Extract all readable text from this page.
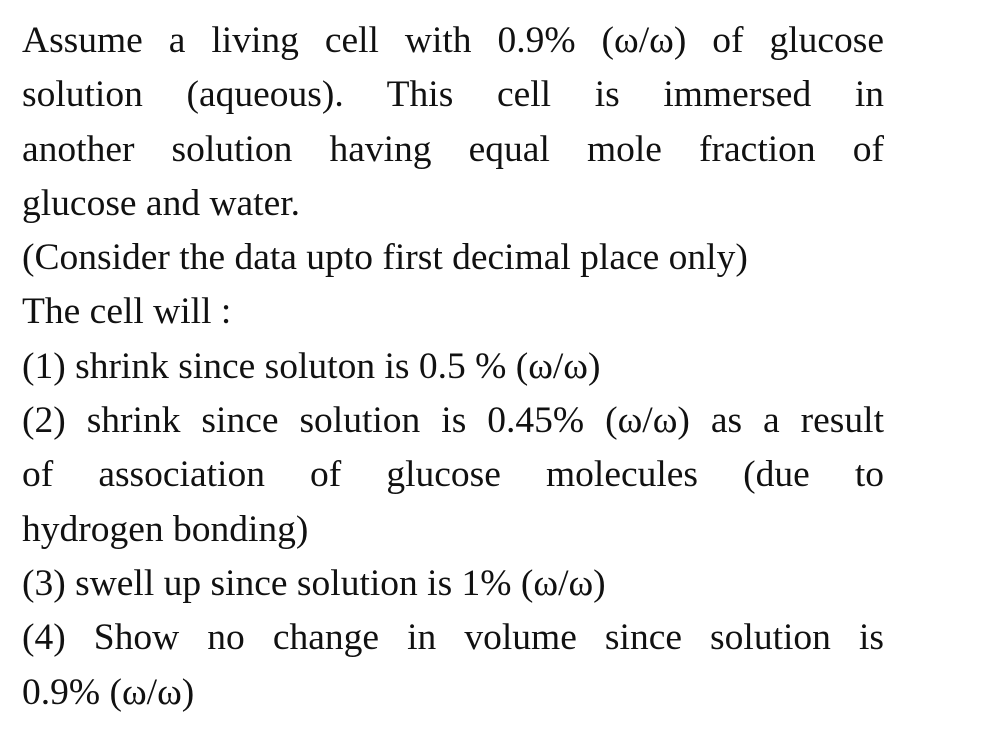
Assume a living cell with 0.9% (ω/ω) of glucose
solution (aqueous). This cell is immersed in
another solution having equal mole fraction of
glucose and water.
(Consider the data upto first decimal place only)
The cell will :
(1) shrink since soluton is 0.5 % (ω/ω)
(2) shrink since solution is 0.45% (ω/ω) as a result
of association of glucose molecules (due to
hydrogen bonding)
(3) swell up since solution is 1% (ω/ω)
(4) Show no change in volume since solution is
0.9% (ω/ω)
